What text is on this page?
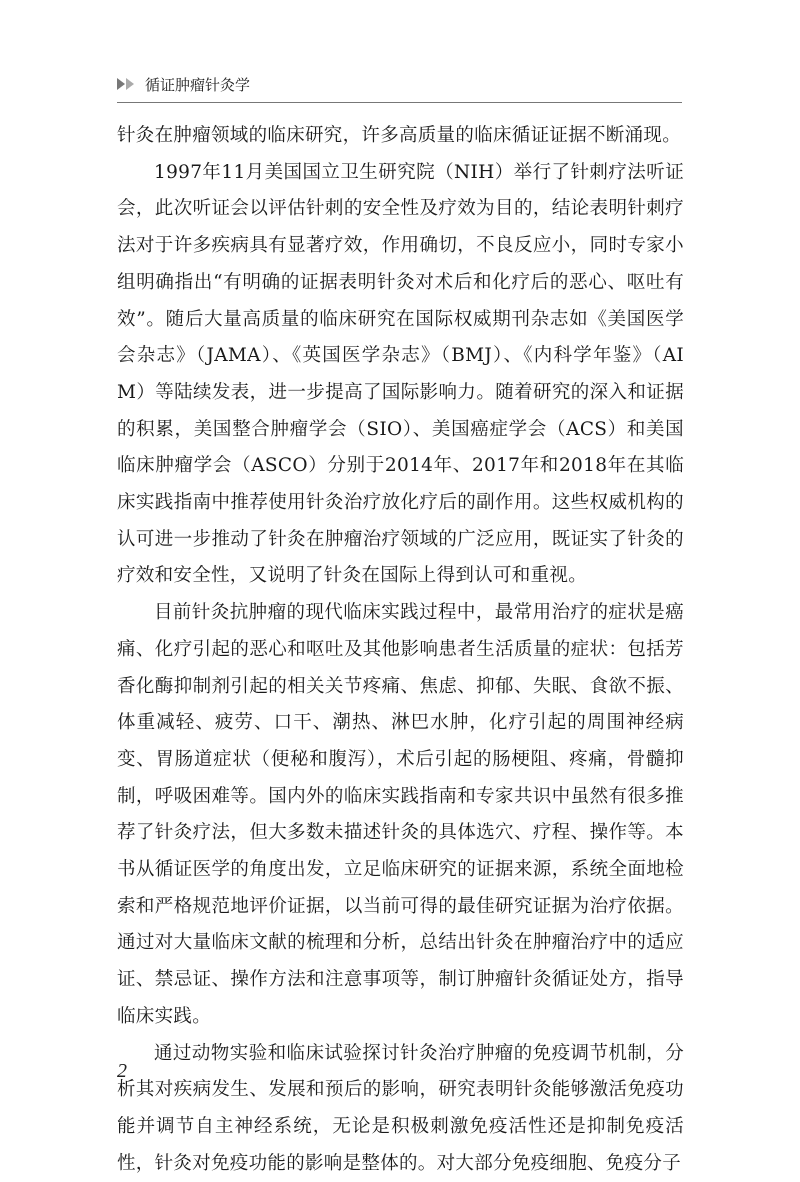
循证肿瘤针灸学

针灸在肿瘤领域的临床研究，许多高质量的临床循证证据不断涌现。

1997年11月美国国立卫生研究院（NIH）举行了针刺疗法听证会，此次听证会以评估针刺的安全性及疗效为目的，结论表明针刺疗法对于许多疾病具有显著疗效，作用确切，不良反应小，同时专家小组明确指出“有明确的证据表明针灸对术后和化疗后的恶心、呕吐有效”。随后大量高质量的临床研究在国际权威期刊杂志如《美国医学会杂志》（JAMA）、《英国医学杂志》（BMJ）、《内科学年鉴》（AIM）等陆续发表，进一步提高了国际影响力。随着研究的深入和证据的积累，美国整合肿瘤学会（SIO）、美国癌症学会（ACS）和美国临床肿瘤学会（ASCO）分别于2014年、2017年和2018年在其临床实践指南中推荐使用针灸治疗放化疗后的副作用。这些权威机构的认可进一步推动了针灸在肿瘤治疗领域的广泛应用，既证实了针灸的疗效和安全性，又说明了针灸在国际上得到认可和重视。

目前针灸抗肿瘤的现代临床实践过程中，最常用治疗的症状是癌痛、化疗引起的恶心和呕吐及其他影响患者生活质量的症状：包括芳香化酶抑制剂引起的相关关节疼痛、焦虑、抑郁、失眠、食欲不振、体重减轻、疲劳、口干、潮热、淋巴水肿，化疗引起的周围神经病变、胃肠道症状（便秘和腹泻），术后引起的肠梗阻、疼痛，骨髓抑制，呼吸困难等。国内外的临床实践指南和专家共识中虽然有很多推荐了针灸疗法，但大多数未描述针灸的具体选穴、疗程、操作等。本书从循证医学的角度出发，立足临床研究的证据来源，系统全面地检索和严格规范地评价证据，以当前可得的最佳研究证据为治疗依据。通过对大量临床文献的梳理和分析，总结出针灸在肿瘤治疗中的适应证、禁忌证、操作方法和注意事项等，制订肿瘤针灸循证处方，指导临床实践。

通过动物实验和临床试验探讨针灸治疗肿瘤的免疫调节机制，分析其对疾病发生、发展和预后的影响，研究表明针灸能够激活免疫功能并调节自主神经系统，无论是积极刺激免疫活性还是抑制免疫活性，针灸对免疫功能的影响是整体的。对大部分免疫细胞、免疫分子

2
